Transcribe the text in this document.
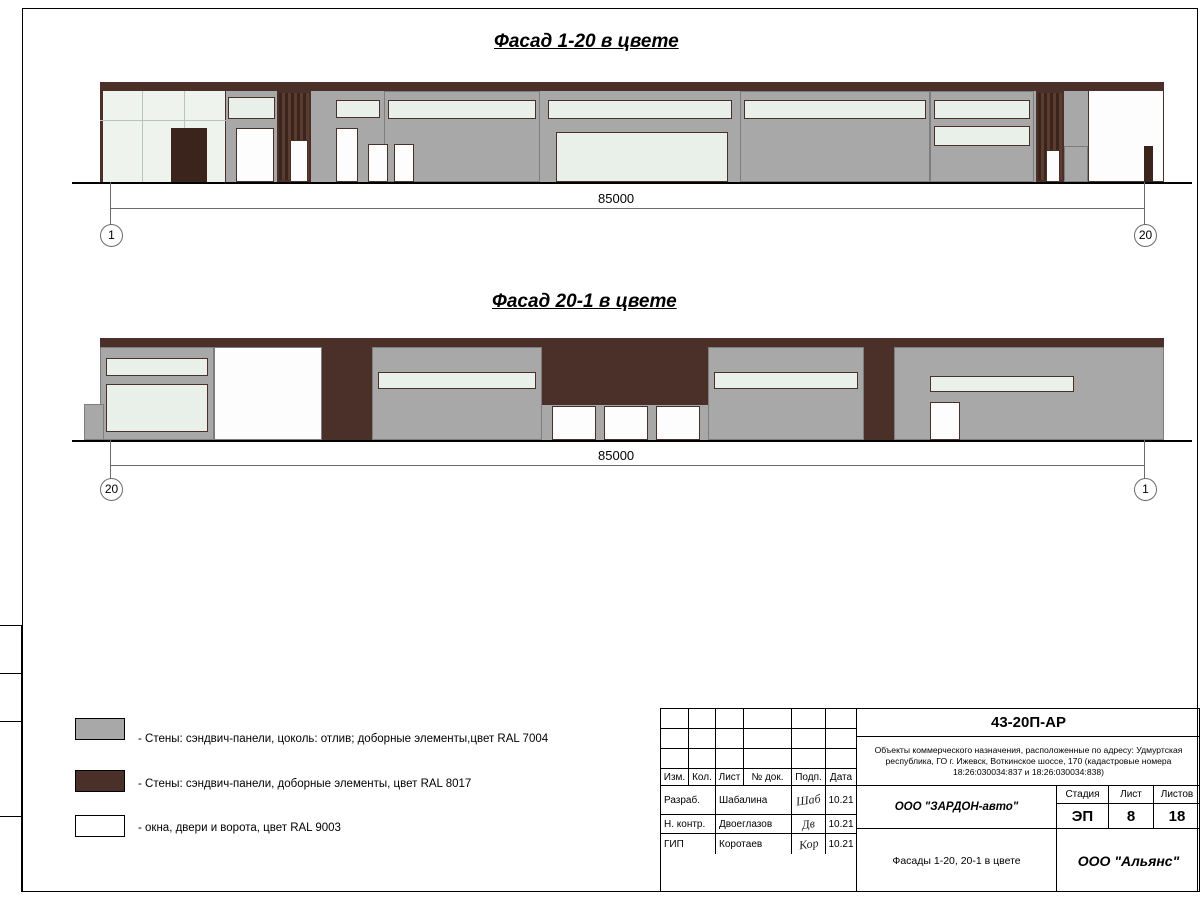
Фасад 1-20 в цвете
85000
1	20
Фасад 20-1 в цвете
85000
20	1
- Стены: сэндвич-панели, цоколь: отлив; доборные элементы,цвет RAL 7004
- Стены: сэндвич-панели, доборные элементы, цвет RAL 8017
- окна, двери и ворота, цвет RAL 9003
Изм. Кол. Лист	№ док.	Подп. Дата
Разраб.	Шабалина	Шаб 10.21
Н. контр.	Двоеглазов	Дв 10.21
ГИП	Коротаев	Кор 10.21
43-20П-АР
Объекты коммерческого назначения, расположенные по адресу: Удмуртская республика, ГО г. Ижевск, Воткинское шоссе, 170 (кадастровые номера 18:26:030034:837 и 18:26:030034:838)
ООО "ЗАРДОН-авто"
Стадия	Лист	Листов
ЭП	8	18
Фасады 1-20, 20-1 в цвете	ООО "Альянс"
